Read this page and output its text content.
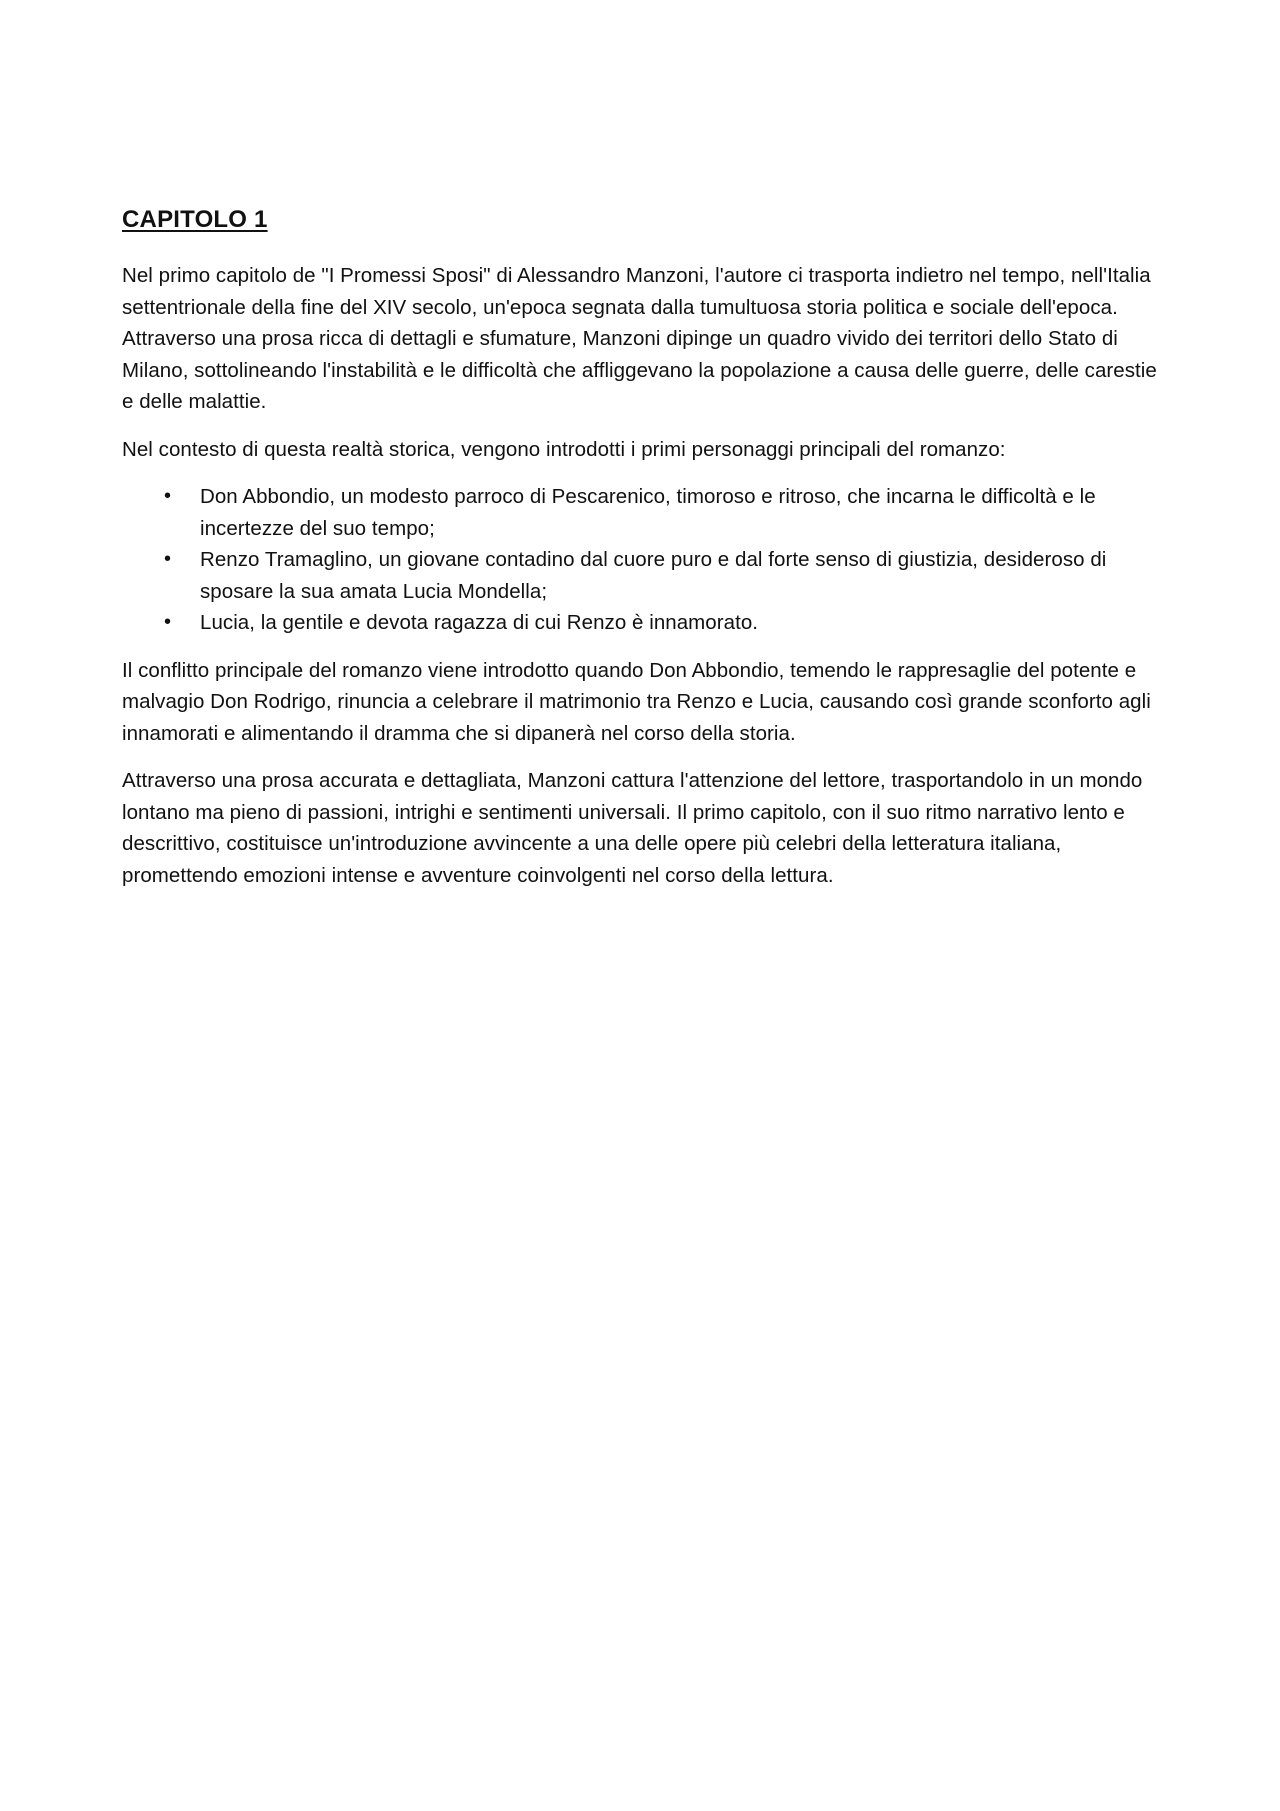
CAPITOLO 1

Nel primo capitolo de "I Promessi Sposi" di Alessandro Manzoni, l'autore ci trasporta indietro nel tempo, nell'Italia settentrionale della fine del XIV secolo, un'epoca segnata dalla tumultuosa storia politica e sociale dell'epoca. Attraverso una prosa ricca di dettagli e sfumature, Manzoni dipinge un quadro vivido dei territori dello Stato di Milano, sottolineando l'instabilità e le difficoltà che affliggevano la popolazione a causa delle guerre, delle carestie e delle malattie.

Nel contesto di questa realtà storica, vengono introdotti i primi personaggi principali del romanzo:

• Don Abbondio, un modesto parroco di Pescarenico, timoroso e ritroso, che incarna le difficoltà e le incertezze del suo tempo;
• Renzo Tramaglino, un giovane contadino dal cuore puro e dal forte senso di giustizia, desideroso di sposare la sua amata Lucia Mondella;
• Lucia, la gentile e devota ragazza di cui Renzo è innamorato.

Il conflitto principale del romanzo viene introdotto quando Don Abbondio, temendo le rappresaglie del potente e malvagio Don Rodrigo, rinuncia a celebrare il matrimonio tra Renzo e Lucia, causando così grande sconforto agli innamorati e alimentando il dramma che si dipanerà nel corso della storia.

Attraverso una prosa accurata e dettagliata, Manzoni cattura l'attenzione del lettore, trasportandolo in un mondo lontano ma pieno di passioni, intrighi e sentimenti universali. Il primo capitolo, con il suo ritmo narrativo lento e descrittivo, costituisce un'introduzione avvincente a una delle opere più celebri della letteratura italiana, promettendo emozioni intense e avventure coinvolgenti nel corso della lettura.
